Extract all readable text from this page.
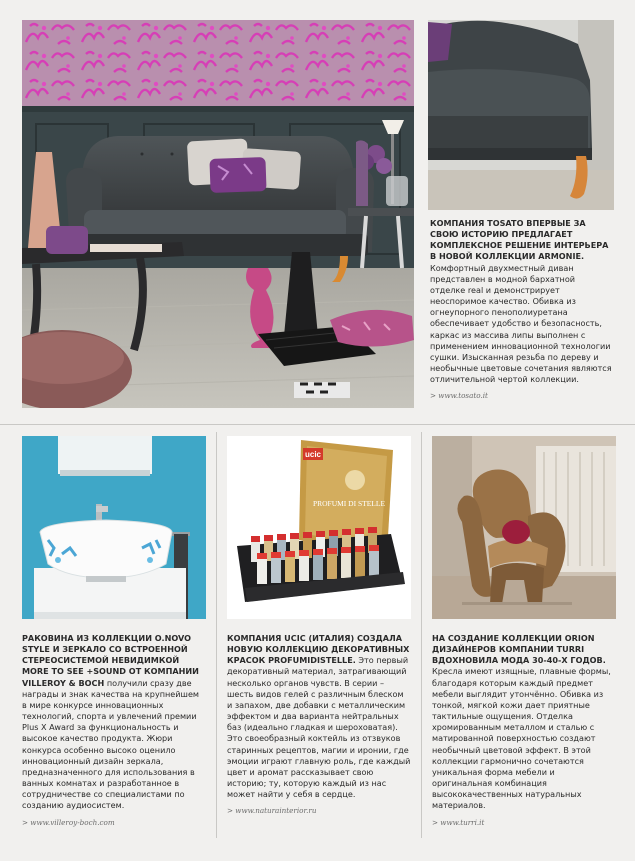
КОМПАНИЯ TOSATO ВПЕРВЫЕ ЗА СВОЮ ИСТОРИЮ ПРЕДЛАГАЕТ КОМПЛЕКСНОЕ РЕШЕНИЕ ИНТЕРЬЕРА В НОВОЙ КОЛЛЕКЦИИ ARMONIE. Комфортный двухместный диван представлен в модной бархатной отделке real и демонстрирует неоспоримое качество. Обивка из огнеупорного пенополиуретана обеспечивает удобство и безопасность, каркас из массива липы выполнен с применением инновационной технологии сушки. Изысканная резьба по дереву и необычные цветовые сочетания являются отличительной чертой коллекции.
> www.tosato.it
РАКОВИНА ИЗ КОЛЛЕКЦИИ O.NOVO STYLE И ЗЕРКАЛО СО ВСТРОЕННОЙ СТЕРЕОСИСТЕМОЙ НЕВИДИМКОЙ MORE TO SEE +SOUND ОТ КОМПАНИИ VILLEROY & BOCH получили сразу две награды и знак качества на крупнейшем в мире конкурсе инновационных технологий, спорта и увлечений премии Plus X Award за функциональность и высокое качество продукта. Жюри конкурса особенно высоко оценило инновационный дизайн зеркала, предназначенного для использования в ванных комнатах и разработанное в сотрудничестве со специалистами по созданию аудиосистем.
> www.villeroy-boch.com
ucic
PROFUMI DI STELLE
КОМПАНИЯ UCIC (ИТАЛИЯ) СОЗДАЛА НОВУЮ КОЛЛЕКЦИЮ ДЕКОРАТИВНЫХ КРАСОК PROFUMIDISTELLE. Это первый декоративный материал, затрагивающий несколько органов чувств. В серии – шесть видов гелей с различным блеском и запахом, две добавки с металлическим эффектом и два варианта нейтральных баз (идеально гладкая и шероховатая). Это своеобразный коктейль из отзвуков старинных рецептов, магии и иронии, где эмоции играют главную роль, где каждый цвет и аромат рассказывает свою историю; ту, которую каждый из нас может найти у себя в сердце.
> www.naturainterior.ru
НА СОЗДАНИЕ КОЛЛЕКЦИИ ORION ДИЗАЙНЕРОВ КОМПАНИИ TURRI ВДОХНОВИЛА МОДА 30-40-Х ГОДОВ. Кресла имеют изящные, плавные формы, благодаря которым каждый предмет мебели выглядит утончённо. Обивка из тонкой, мягкой кожи дает приятные тактильные ощущения. Отделка хромированным металлом и сталью с матированной поверхностью создают необычный цветовой эффект. В этой коллекции гармонично сочетаются уникальная форма мебели и оригинальная комбинация высококачественных натуральных материалов.
> www.turri.it
